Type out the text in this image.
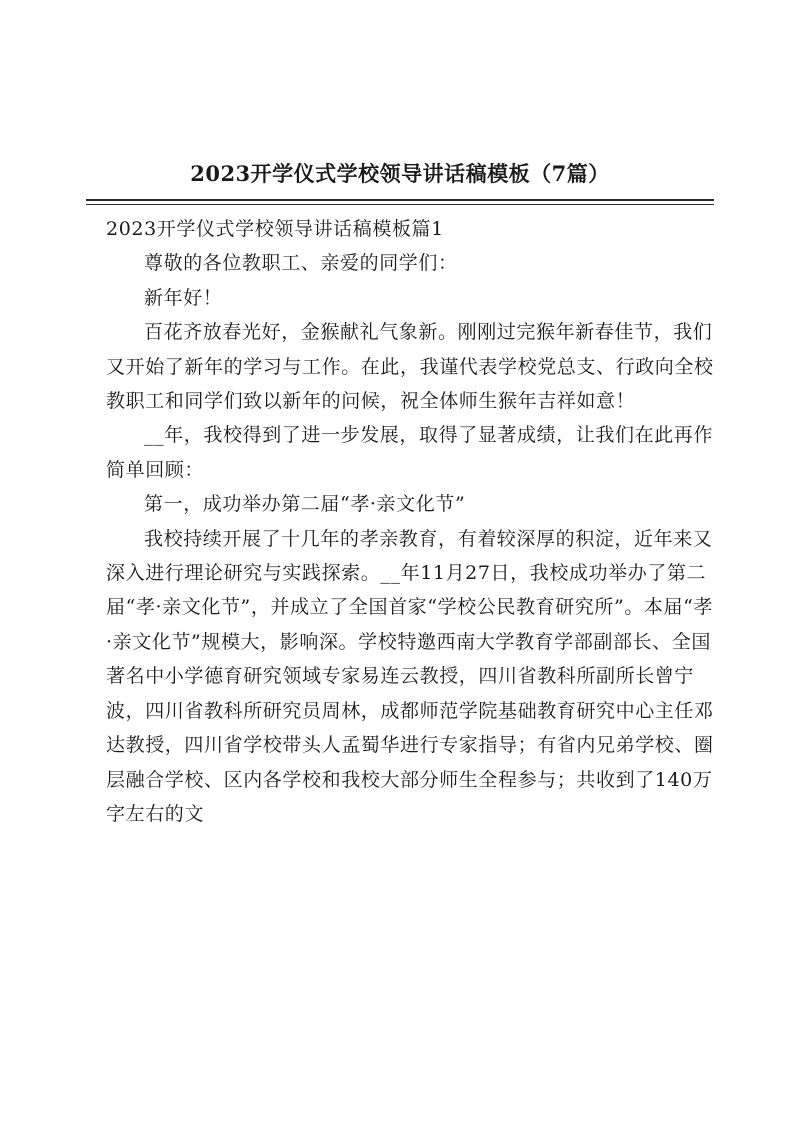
2023开学仪式学校领导讲话稿模板（7篇）

2023开学仪式学校领导讲话稿模板篇1

尊敬的各位教职工、亲爱的同学们：

新年好！

百花齐放春光好，金猴献礼气象新。刚刚过完猴年新春佳节，我们又开始了新年的学习与工作。在此，我谨代表学校党总支、行政向全校教职工和同学们致以新年的问候，祝全体师生猴年吉祥如意！

__年，我校得到了进一步发展，取得了显著成绩，让我们在此再作简单回顾：

第一，成功举办第二届“孝·亲文化节”

我校持续开展了十几年的孝亲教育，有着较深厚的积淀，近年来又深入进行理论研究与实践探索。__年11月27日，我校成功举办了第二届“孝·亲文化节”，并成立了全国首家“学校公民教育研究所”。本届“孝·亲文化节”规模大，影响深。学校特邀西南大学教育学部副部长、全国著名中小学德育研究领域专家易连云教授，四川省教科所副所长曾宁波，四川省教科所研究员周林，成都师范学院基础教育研究中心主任邓达教授，四川省学校带头人孟蜀华进行专家指导；有省内兄弟学校、圈层融合学校、区内各学校和我校大部分师生全程参与；共收到了140万字左右的文
